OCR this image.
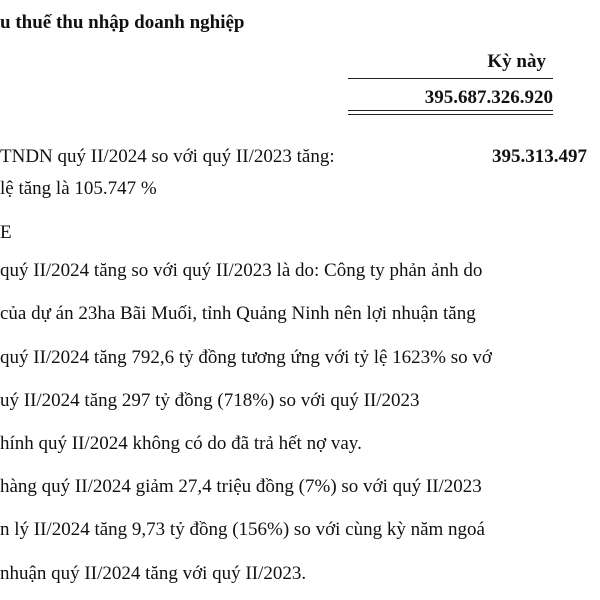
u thuế thu nhập doanh nghiệp
Kỳ này
395.687.326.920
TNDN quý II/2024 so với quý II/2023 tăng:	395.313.497
lệ tăng là 105.747 %
E
quý II/2024 tăng so với quý II/2023 là do: Công ty phản ảnh do
của dự án 23ha Bãi Muối, tỉnh Quảng Ninh nên lợi nhuận tăng
quý II/2024 tăng 792,6 tỷ đồng tương ứng với tỷ lệ 1623% so vớ
uý II/2024 tăng 297 tỷ đồng (718%) so với quý II/2023
hính quý II/2024 không có do đã trả hết nợ vay.
hàng quý II/2024 giảm 27,4 triệu đồng (7%) so với quý II/2023
n lý II/2024 tăng 9,73 tỷ đồng (156%) so với cùng kỳ năm ngoá
nhuận quý II/2024 tăng với quý II/2023.
